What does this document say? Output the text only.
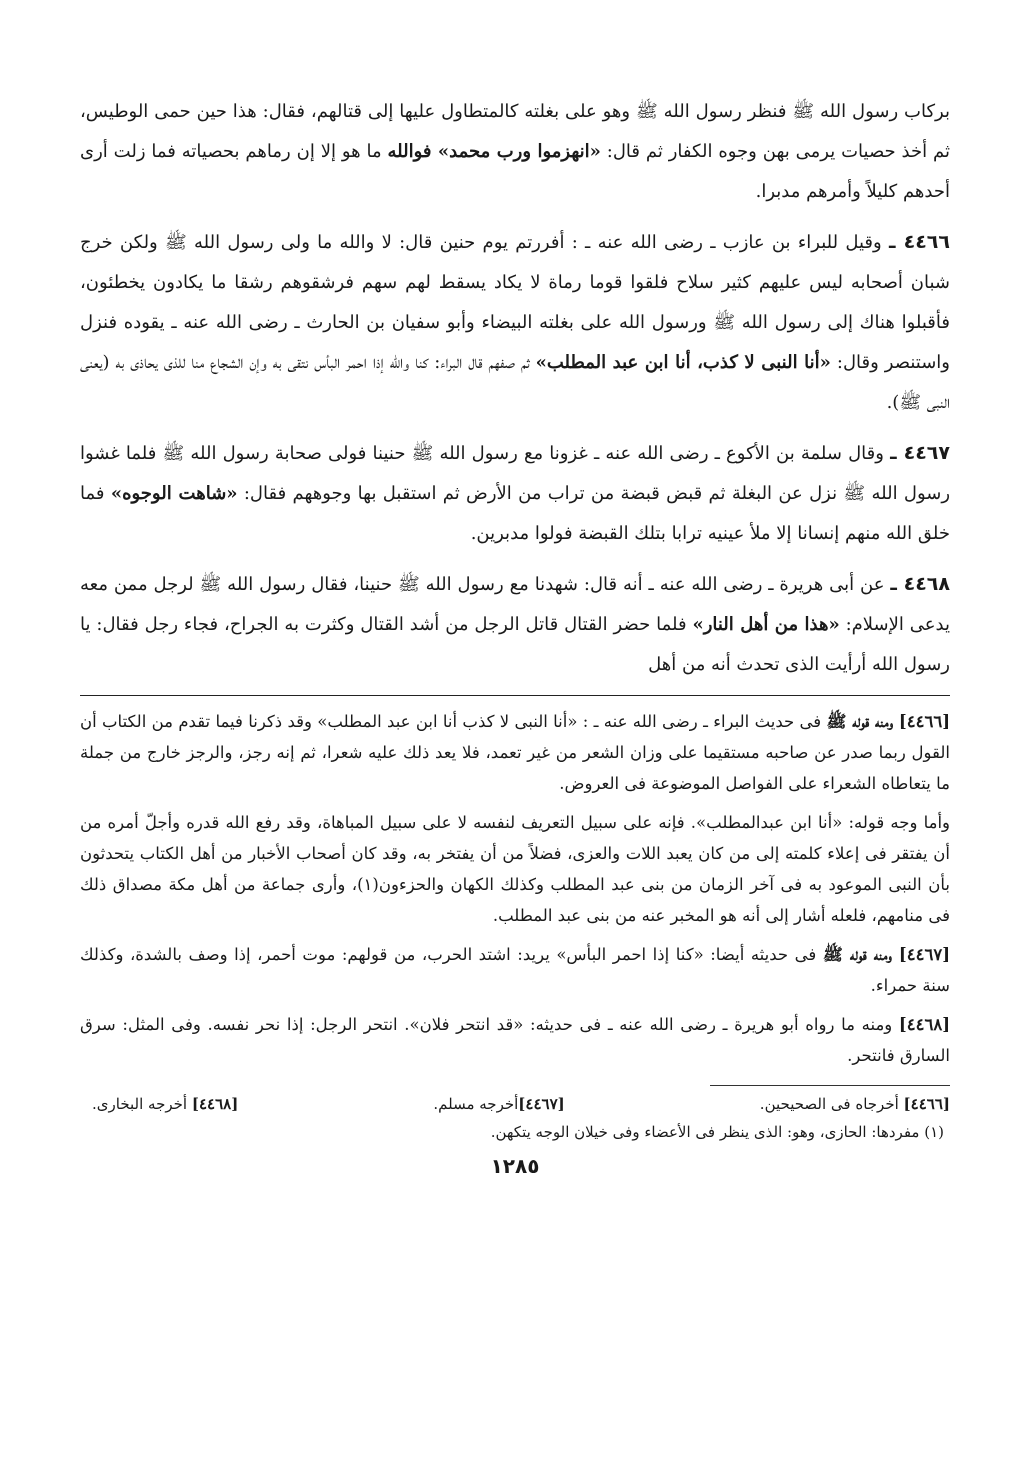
بركاب رسول الله ﷺ فنظر رسول الله ﷺ وهو على بغلته كالمتطاول عليها إلى قتالهم، فقال: هذا حين حمى الوطيس، ثم أخذ حصيات يرمى بهن وجوه الكفار ثم قال: «انهزموا ورب محمد» فوالله ما هو إلا إن رماهم بحصياته فما زلت أرى أحدهم كليلاً وأمرهم مدبرا.

٤٤٦٦ ـ وقيل للبراء بن عازب ـ رضى الله عنه ـ : أفررتم يوم حنين قال: لا والله ما ولى رسول الله ﷺ ولكن خرج شبان أصحابه ليس عليهم كثير سلاح فلقوا قوما رماة لا يكاد يسقط لهم سهم فرشقوهم رشقا ما يكادون يخطئون، فأقبلوا هناك إلى رسول الله ﷺ ورسول الله على بغلته البيضاء وأبو سفيان بن الحارث ـ رضى الله عنه ـ يقوده فنزل واستنصر وقال: «أنا النبى لا كذب، أنا ابن عبد المطلب» ثم صفهم قال البراء: كنا والله إذا احمر البأس نتقى به وإن الشجاع منا للذى يحاذى به (يعنى النبى ﷺ).

٤٤٦٧ ـ وقال سلمة بن الأكوع ـ رضى الله عنه ـ غزونا مع رسول الله ﷺ حنينا فولى صحابة رسول الله ﷺ فلما غشوا رسول الله ﷺ نزل عن البغلة ثم قبض قبضة من تراب من الأرض ثم استقبل بها وجوههم فقال: «شاهت الوجوه» فما خلق الله منهم إنسانا إلا ملأ عينيه ترابا بتلك القبضة فولوا مدبرين.

٤٤٦٨ ـ عن أبى هريرة ـ رضى الله عنه ـ أنه قال: شهدنا مع رسول الله ﷺ حنينا، فقال رسول الله ﷺ لرجل ممن معه يدعى الإسلام: «هذا من أهل النار» فلما حضر القتال قاتل الرجل من أشد القتال وكثرت به الجراح، فجاء رجل فقال: يا رسول الله أرأيت الذى تحدث أنه من أهل

[٤٤٦٦] ومنه قوله ﷺ فى حديث البراء ـ رضى الله عنه ـ : «أنا النبى لا كذب أنا ابن عبد المطلب» وقد ذكرنا فيما تقدم من الكتاب أن القول ربما صدر عن صاحبه مستقيما على وزان الشعر من غير تعمد، فلا يعد ذلك عليه شعرا، ثم إنه رجز، والرجز خارج من جملة ما يتعاطاه الشعراء على الفواصل الموضوعة فى العروض.

وأما وجه قوله: «أنا ابن عبدالمطلب». فإنه على سبيل التعريف لنفسه لا على سبيل المباهاة، وقد رفع الله قدره وأجلّ أمره من أن يفتقر فى إعلاء كلمته إلى من كان يعبد اللات والعزى، فضلاً من أن يفتخر به، وقد كان أصحاب الأخبار من أهل الكتاب يتحدثون بأن النبى الموعود به فى آخر الزمان من بنى عبد المطلب وكذلك الكهان والحزءون(١)، وأرى جماعة من أهل مكة مصداق ذلك فى منامهم، فلعله أشار إلى أنه هو المخبر عنه من بنى عبد المطلب.

[٤٤٦٧] ومنه قوله ﷺ فى حديثه أيضا: «كنا إذا احمر البأس» يريد: اشتد الحرب، من قولهم: موت أحمر، إذا وصف بالشدة، وكذلك سنة حمراء.

[٤٤٦٨] ومنه ما رواه أبو هريرة ـ رضى الله عنه ـ فى حديثه: «قد انتحر فلان». انتحر الرجل: إذا نحر نفسه. وفى المثل: سرق السارق فانتحر.

[٤٤٦٦] أخرجاه فى الصحيحين.
[٤٤٦٧]أخرجه مسلم.
[٤٤٦٨] أخرجه البخارى.
(١) مفردها: الحازى، وهو: الذى ينظر فى الأعضاء وفى خيلان الوجه يتكهن.
١٢٨٥
